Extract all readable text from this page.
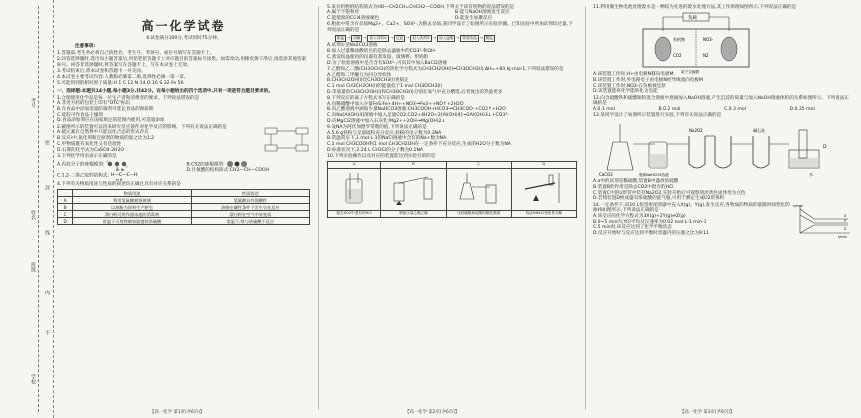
考号
姓名
班级
学校
密
封
线
内
不
高一化学试卷
本试卷满分100分,考试用时75分钟。
注意事项:
1.答题前,考生务必将自己的姓名、考生号、考场号、座位号填写在答题卡上。
2.回答选择题时,选出每小题答案后,用铅笔把答题卡上对应题目的答案标号涂黑。如需改动,用橡皮擦干净后,再选涂其他答案标号。回答非选择题时,将答案写在答题卡上。写在本试卷上无效。
3.考试结束后,将本试卷和答题卡一并交回。
4.本试卷主要考试内容:人教版必修第二册,选择性必修一第一章。
5.可能用到的相对原子质量:H 1 C 12 N 14 O 16 S 32 Fe 56
一、选择题:本题共14小题,每小题3分,共42分。在每小题给出的四个选项中,只有一项是符合题目要求的。
1.合理使用化学品是每一位生产者和消费者的要求。下列说法错误的是
A.非处方药的包装上印有"OTC"标识
B.在食品中添加适量防腐剂可延长食品的保质期
C.硅胶可作食品干燥剂
D.食品添加剂应在国家规定的范围内使用,可适量添加
2.截图所示的装置可以用来研究反应条件对化学反应的影响。下列有关说法正确的是
A.硫元素在自然界中只能以化合态的形式存在
B.反应ⅰ中,氧化剂和还原剂的物质的量之比为1∶2
C.甲物质既有氧化性又有还原性
D.石膏的化学式为CaSO4·2H2O
3.下列化学用语表示正确的是
A.丙烷分子的球棍模型:	B.CS2的球棍模型:
C.1,2-二溴乙烷的结构式: H—C—C—H
Br Br
H H
D.甘氨酸的结构简式:CH2—CH—COOH
4.下列有关物质用途与性质的叙述均正确且具有对应关系的是
	物质用途	性质叙述
A	利用氢氟酸刻蚀玻璃	氢氟酸具有强酸性
B	以油脂为原料生产肥皂	油脂在碱性条件下发生皂化反应
C	漂白粉可用作游泳池的消毒剂	漂白粉在空气中易变质
D	常温下可用铁制容器盛装浓硫酸	常温下,铁与浓硫酸不反应
【高一化学 第1页(共6页)】
5.某有机物的结构简式为HO—CH2CH=CHCH2—COOH,下列关于该有机物的说法错误的是
A.属于不饱和烃	B.能与NaOH溶液发生反应
C.能使溴的CCl4溶液褪色	D.能发生加聚反应
6.粗盐中常含有杂质Mg2+、Ca2+、SO4²-,为除去杂质,某同学设计了如图所示实验步骤。已知实验中所加试剂均过量,下列说法正确的是
粗盐 → 溶解 → 加入试剂① → 过滤 → 加入试剂② → 加入盐酸 → 蒸发结晶 → 精盐
A.试剂①是Na2CO3溶液
B.加入过量稀盐酸的目的是除去滤液中的CO3²-和OH-
C.蒸发结晶使用的仪器有蒸发皿、玻璃棒、坩埚钳
D.为了检验溶液中是否含有SO4²-,可向其中加入BaCl2溶液
7.乙醇和乙二酸(CH3OCH3)的热化学方程式为CH3CH2OH(l)═CH3OCH3(l) ΔH=+84 kJ·mol-1,下列说法错误的是
A.乙醇和二甲醚互为同分异构体
B.CH3CH2OH(l)比CH3OCH3(l)更稳定
C.1 mol CH3CH2OH(l)的能量低于1 mol CH3OCH3(l)
D.等质量的CH3CH2OH(l)和CH3OCH3(l)分别在氧气中充分燃烧,后者放出的热量更多
8.下列反应的离子方程式书写正确的是
A.向稀硝酸中加入少量FeS:Fe+4H++NO3-═Fe3++NO↑+2H2O
B.向乙酸溶液中滴加少量NaHCO3溶液:CH3COOH+HCO3-═CH3COO-+CO2↑+H2O
C.向Na[Al(OH)4]溶液中通入足量CO2:CO2+4H2O+2[Al(OH)4]-═2Al(OH)3↓+CO3²-
D.向MgCl2溶液中加入石灰乳:Mg2++2OH-═Mg(OH)2↓
9.设NA为阿伏加德罗常数的值,下列说法正确的是
A.5.6 g铁粉与足量硫粉充分反应,转移的电子数为0.3NA
B.常温常压下,1 mol·L-1的NaCl溶液中含有的Na+数为NA
C.1 mol CH3COOH和1 mol CH3CH2OH在一定条件下充分反应,生成的H2O分子数为NA
D.标准状况下,2.24 L CH3Cl的分子数为0.1NA
10.下列实验操作以及对应的装置能达到实验目的的是
A	B	C	D

除去SO2中混有的HCl	制备少量乙酸乙酯	比较碳酸和硅酸的酸性强弱	验证NH4Cl受热易分解
【高一化学 第2页(共6页)】
11.利用微生物电池处理废水是一种较为先进的废水处理方法,其工作原理如图所示,下列说法正确的是
负载
有机物
CO2
NO3-
N2
质子交换膜
A.该装置工作时,H+由电极N移向电极M
B.该装置工作时,外电路电子由电极N经导线流向电极M
C.该装置工作时,NO3-在负极被还原
D.该装置能将化学能转化为电能
12.向含硫酸铁和硫酸铜的混合溶液中逐滴加入NaOH溶液,产生沉淀的质量与加入NaOH溶液体积的关系如图所示。下列说法正确的是
A.0.1 mol	B.0.2 mol	C.0.3 mol	D.0.35 mol
13.某同学设计了如图所示装置进行实验,下列有关说法正确的是
CaCO3	饱和NaHCO3溶液
Na2O2	碱石灰
水
D
A.a中的试剂是稀硫酸,装置B中盛放浓硫酸
B.装置B的作用是除去CO2中混有的HCl
C.装置C中的U形管中装有Na2O2,实验开始后可观察到淡黄色固体变为白色
D.若将装置D换成盛有浓硫酸的洗气瓶,可用于测定生成O2的体积
14.一定条件下,向10 L恒容密闭容器中充入X(g)、Y(g),发生反应,各物质的物质的量随时间变化的曲线如图所示,下列说法正确的是
n/mol
t/min
X
Y
Z
A.该反应的化学方程式为3X(g)+2Y(g)⇌Z(g)
B.0~5 min内,Y的平均反应速率为0.02 mol·L-1·min-1
C.5 min时,该反应达到了化学平衡状态
D.反应开始时与反应达到平衡时容器内的压强之比为9∶11
【高一化学 第3页(共6页)】
